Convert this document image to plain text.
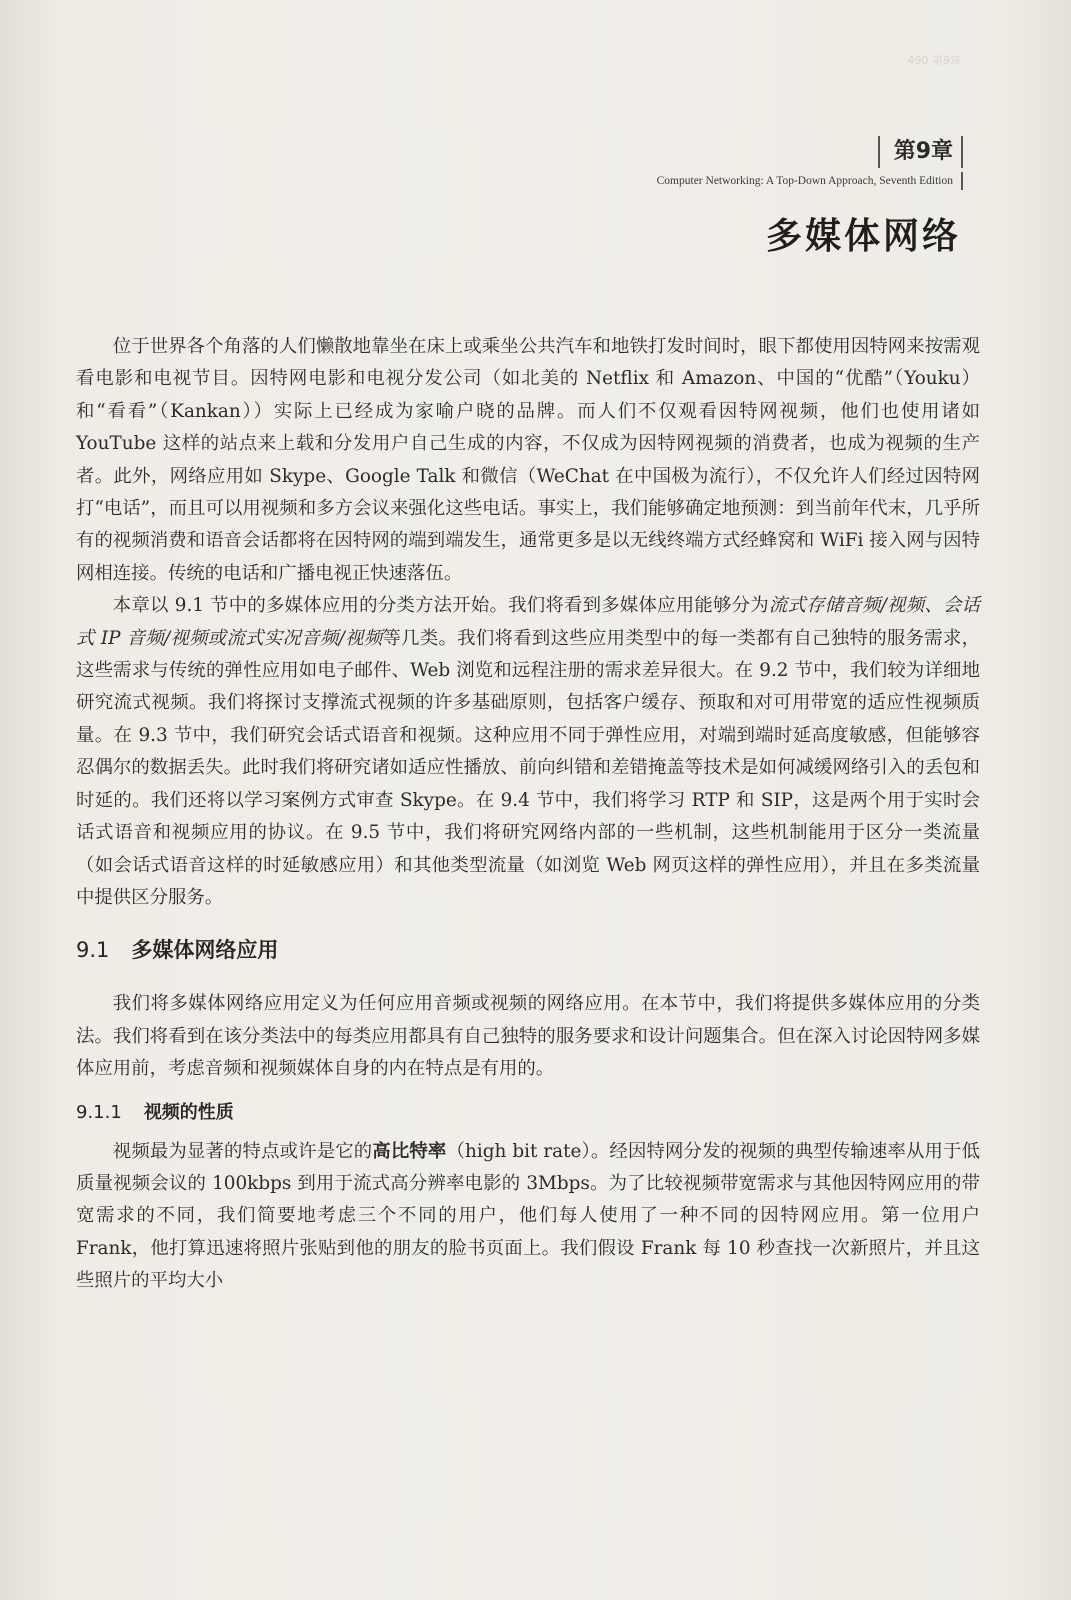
490 第9章
第9章
Computer Networking: A Top-Down Approach, Seventh Edition
多媒体网络

位于世界各个角落的人们懒散地靠坐在床上或乘坐公共汽车和地铁打发时间时，眼下都使用因特网来按需观看电影和电视节目。因特网电影和电视分发公司（如北美的 Netflix 和 Amazon、中国的“优酷”（Youku）和“看看”（Kankan））实际上已经成为家喻户晓的品牌。而人们不仅观看因特网视频，他们也使用诸如 YouTube 这样的站点来上载和分发用户自己生成的内容，不仅成为因特网视频的消费者，也成为视频的生产者。此外，网络应用如 Skype、Google Talk 和微信（WeChat 在中国极为流行），不仅允许人们经过因特网打“电话”，而且可以用视频和多方会议来强化这些电话。事实上，我们能够确定地预测：到当前年代末，几乎所有的视频消费和语音会话都将在因特网的端到端发生，通常更多是以无线终端方式经蜂窝和 WiFi 接入网与因特网相连接。传统的电话和广播电视正快速落伍。

本章以 9.1 节中的多媒体应用的分类方法开始。我们将看到多媒体应用能够分为流式存储音频/视频、会话式 IP 音频/视频或流式实况音频/视频等几类。我们将看到这些应用类型中的每一类都有自己独特的服务需求，这些需求与传统的弹性应用如电子邮件、Web 浏览和远程注册的需求差异很大。在 9.2 节中，我们较为详细地研究流式视频。我们将探讨支撑流式视频的许多基础原则，包括客户缓存、预取和对可用带宽的适应性视频质量。在 9.3 节中，我们研究会话式语音和视频。这种应用不同于弹性应用，对端到端时延高度敏感，但能够容忍偶尔的数据丢失。此时我们将研究诸如适应性播放、前向纠错和差错掩盖等技术是如何减缓网络引入的丢包和时延的。我们还将以学习案例方式审查 Skype。在 9.4 节中，我们将学习 RTP 和 SIP，这是两个用于实时会话式语音和视频应用的协议。在 9.5 节中，我们将研究网络内部的一些机制，这些机制能用于区分一类流量（如会话式语音这样的时延敏感应用）和其他类型流量（如浏览 Web 网页这样的弹性应用），并且在多类流量中提供区分服务。

9.1 多媒体网络应用

我们将多媒体网络应用定义为任何应用音频或视频的网络应用。在本节中，我们将提供多媒体应用的分类法。我们将看到在该分类法中的每类应用都具有自己独特的服务要求和设计问题集合。但在深入讨论因特网多媒体应用前，考虑音频和视频媒体自身的内在特点是有用的。

9.1.1 视频的性质

视频最为显著的特点或许是它的高比特率（high bit rate）。经因特网分发的视频的典型传输速率从用于低质量视频会议的 100kbps 到用于流式高分辨率电影的 3Mbps。为了比较视频带宽需求与其他因特网应用的带宽需求的不同，我们简要地考虑三个不同的用户，他们每人使用了一种不同的因特网应用。第一位用户 Frank，他打算迅速将照片张贴到他的朋友的脸书页面上。我们假设 Frank 每 10 秒查找一次新照片，并且这些照片的平均大小
